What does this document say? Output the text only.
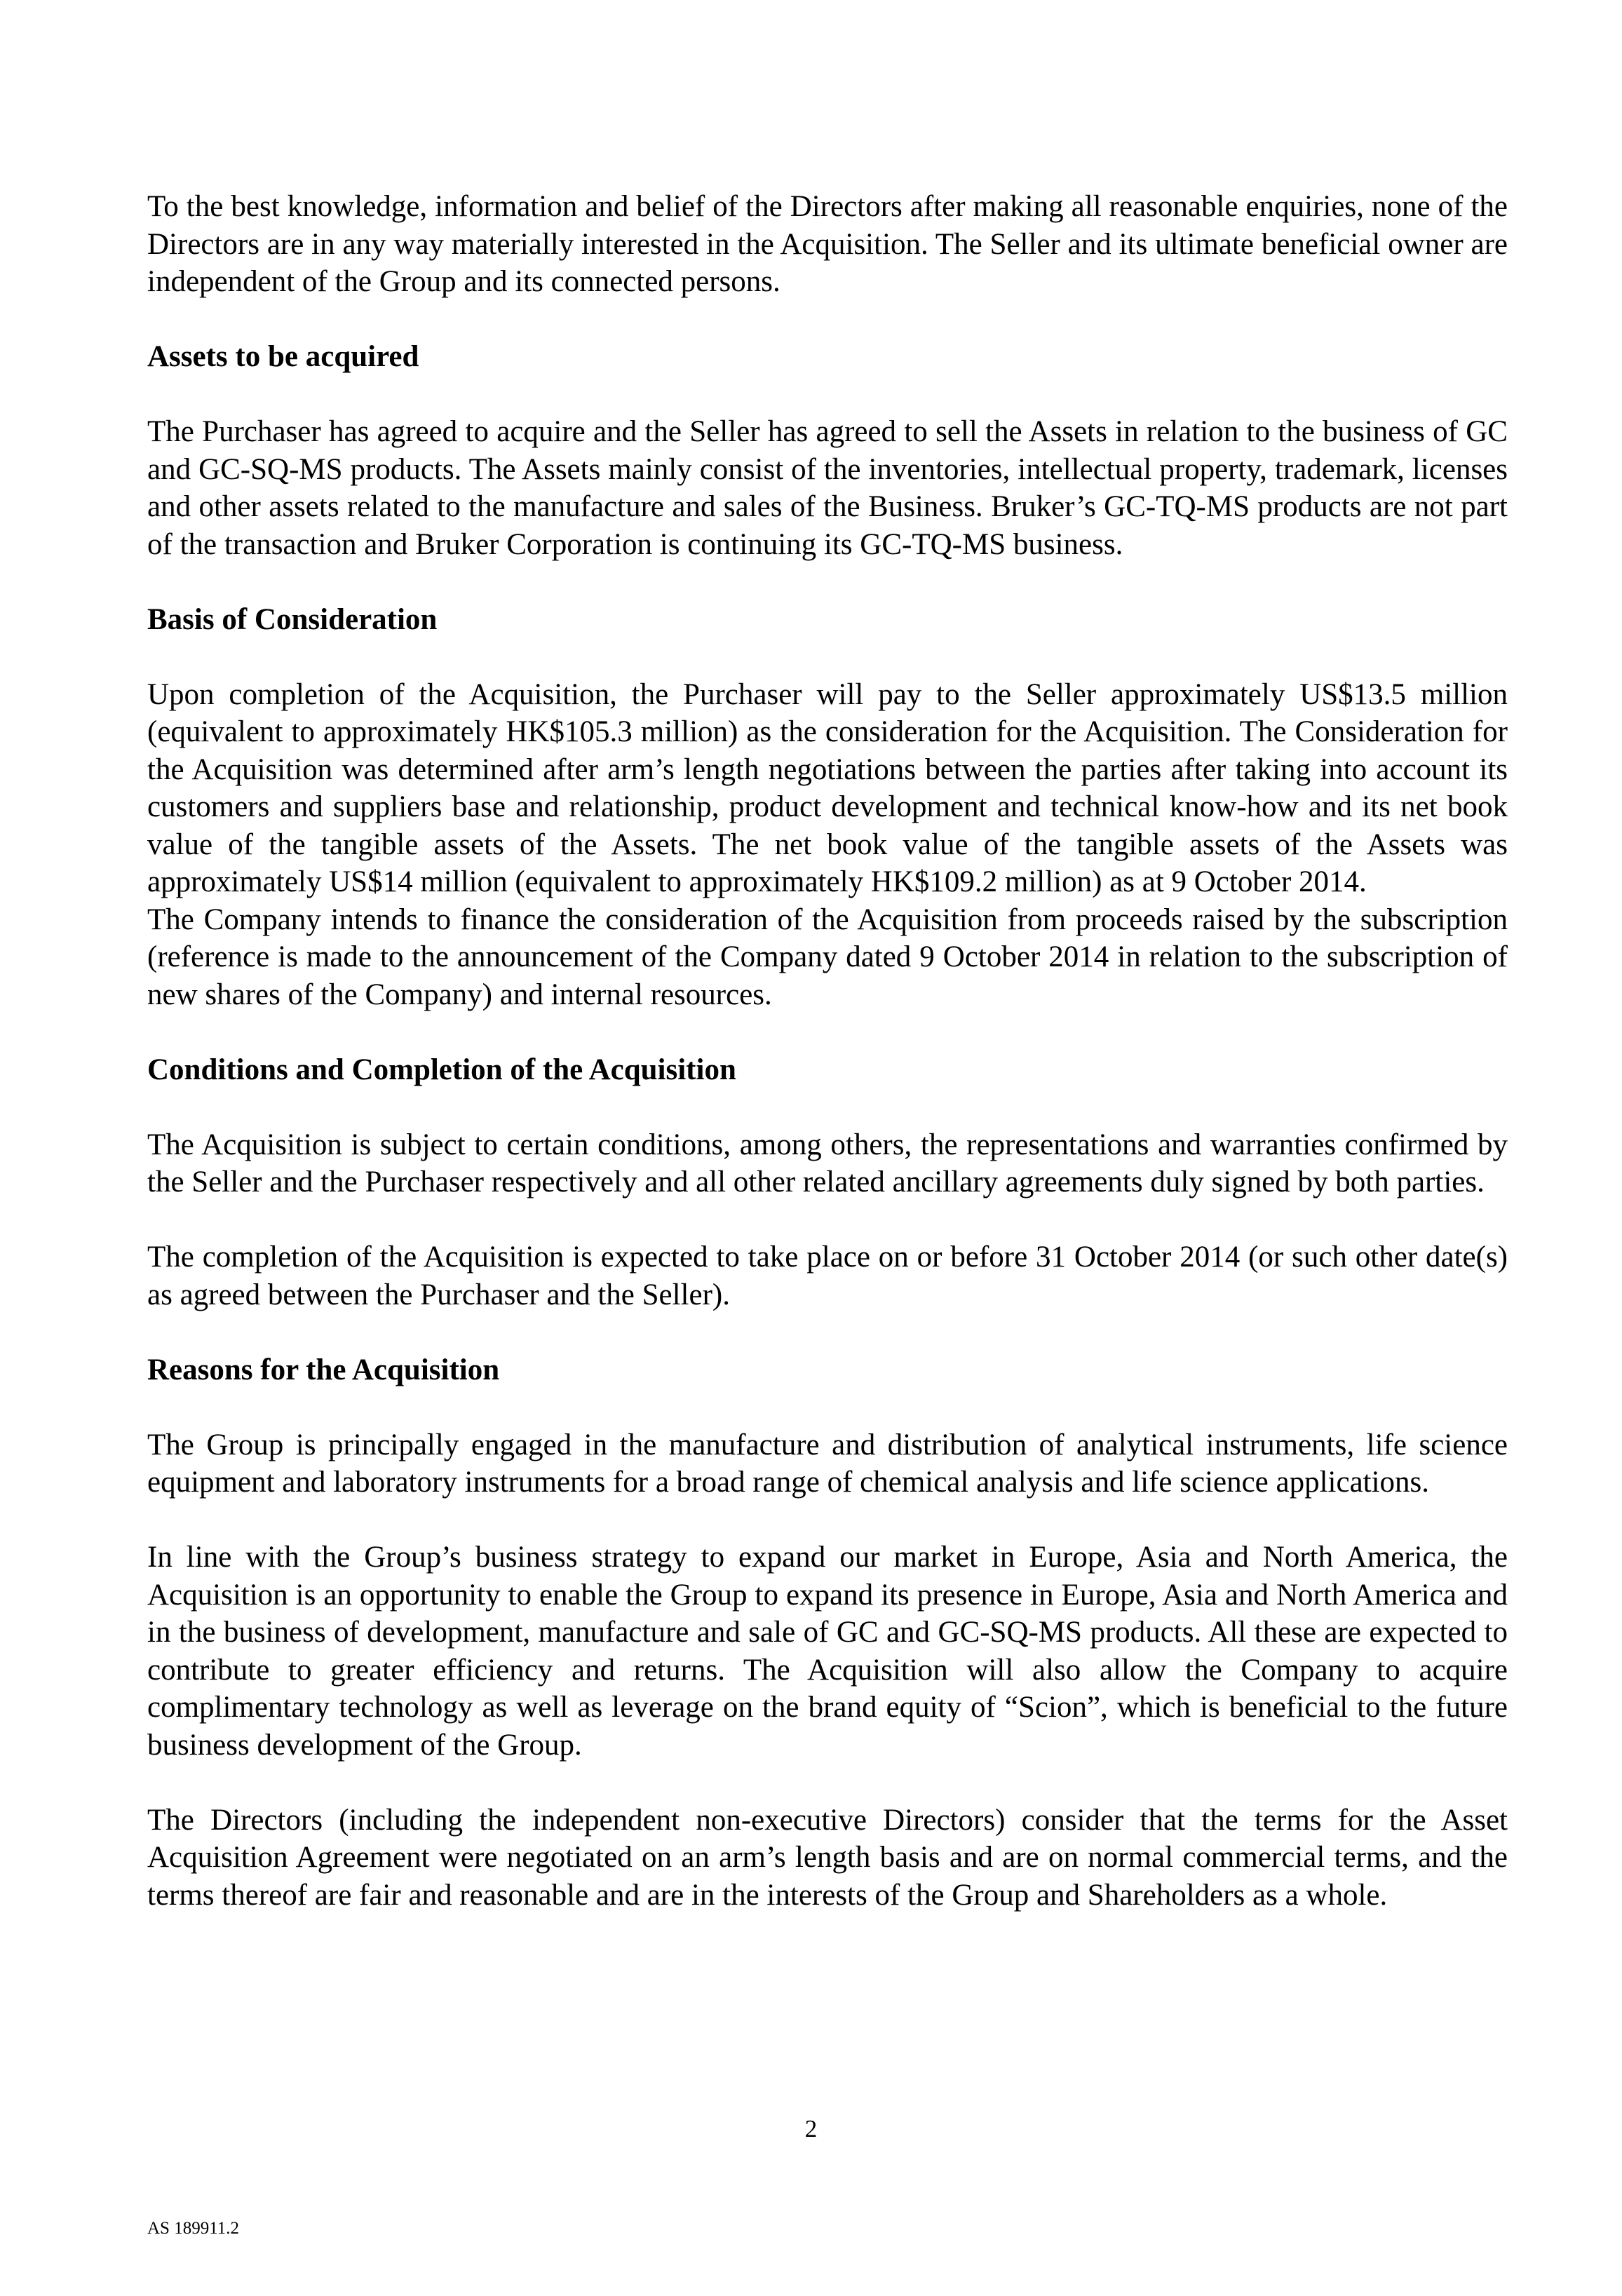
To the best knowledge, information and belief of the Directors after making all reasonable enquiries, none of the Directors are in any way materially interested in the Acquisition. The Seller and its ultimate beneficial owner are independent of the Group and its connected persons.

Assets to be acquired

The Purchaser has agreed to acquire and the Seller has agreed to sell the Assets in relation to the business of GC and GC-SQ-MS products. The Assets mainly consist of the inventories, intellectual property, trademark, licenses and other assets related to the manufacture and sales of the Business. Bruker’s GC-TQ-MS products are not part of the transaction and Bruker Corporation is continuing its GC-TQ-MS business.

Basis of Consideration

Upon completion of the Acquisition, the Purchaser will pay to the Seller approximately US$13.5 million (equivalent to approximately HK$105.3 million) as the consideration for the Acquisition. The Consideration for the Acquisition was determined after arm’s length negotiations between the parties after taking into account its customers and suppliers base and relationship, product development and technical know-how and its net book value of the tangible assets of the Assets. The net book value of the tangible assets of the Assets was approximately US$14 million (equivalent to approximately HK$109.2 million) as at 9 October 2014.

The Company intends to finance the consideration of the Acquisition from proceeds raised by the subscription (reference is made to the announcement of the Company dated 9 October 2014 in relation to the subscription of new shares of the Company) and internal resources.

Conditions and Completion of the Acquisition

The Acquisition is subject to certain conditions, among others, the representations and warranties confirmed by the Seller and the Purchaser respectively and all other related ancillary agreements duly signed by both parties.

The completion of the Acquisition is expected to take place on or before 31 October 2014 (or such other date(s) as agreed between the Purchaser and the Seller).

Reasons for the Acquisition

The Group is principally engaged in the manufacture and distribution of analytical instruments, life science equipment and laboratory instruments for a broad range of chemical analysis and life science applications.

In line with the Group’s business strategy to expand our market in Europe, Asia and North America, the Acquisition is an opportunity to enable the Group to expand its presence in Europe, Asia and North America and in the business of development, manufacture and sale of GC and GC-SQ-MS products. All these are expected to contribute to greater efficiency and returns. The Acquisition will also allow the Company to acquire complimentary technology as well as leverage on the brand equity of “Scion”, which is beneficial to the future business development of the Group.

The Directors (including the independent non-executive Directors) consider that the terms for the Asset Acquisition Agreement were negotiated on an arm’s length basis and are on normal commercial terms, and the terms thereof are fair and reasonable and are in the interests of the Group and Shareholders as a whole.

2
AS 189911.2
